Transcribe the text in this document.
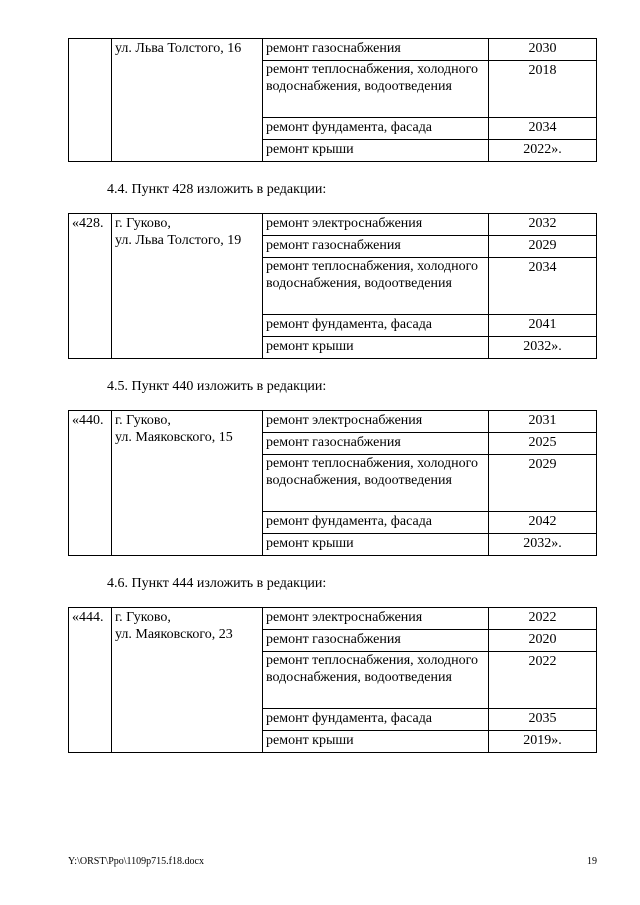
	ул. Льва Толстого, 16	ремонт газоснабжения	2030
		ремонт теплоснабжения, холодного водоснабжения, водоотведения	2018
		ремонт фундамента, фасада	2034
		ремонт крыши	2022».

4.4. Пункт 428 изложить в редакции:

«428.	г. Гуково,
ул. Льва Толстого, 19	ремонт электроснабжения	2032
		ремонт газоснабжения	2029
		ремонт теплоснабжения, холодного водоснабжения, водоотведения	2034
		ремонт фундамента, фасада	2041
		ремонт крыши	2032».

4.5. Пункт 440 изложить в редакции:

«440.	г. Гуково,
ул. Маяковского, 15	ремонт электроснабжения	2031
		ремонт газоснабжения	2025
		ремонт теплоснабжения, холодного водоснабжения, водоотведения	2029
		ремонт фундамента, фасада	2042
		ремонт крыши	2032».

4.6. Пункт 444 изложить в редакции:

«444.	г. Гуково,
ул. Маяковского, 23	ремонт электроснабжения	2022
		ремонт газоснабжения	2020
		ремонт теплоснабжения, холодного водоснабжения, водоотведения	2022
		ремонт фундамента, фасада	2035
		ремонт крыши	2019».
Y:\ORST\Ppo\1109p715.f18.docx	19
